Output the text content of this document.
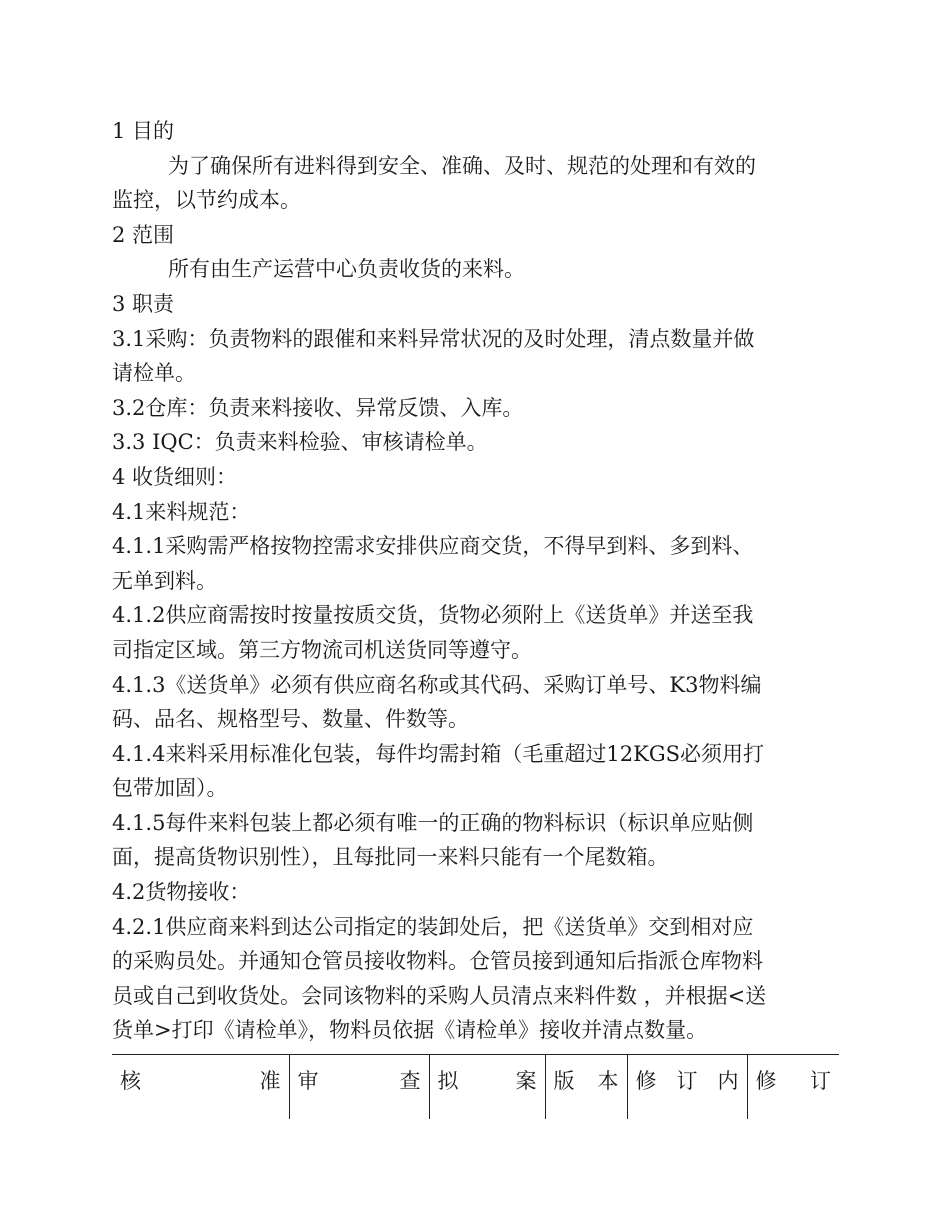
1 目的

为了确保所有进料得到安全、准确、及时、规范的处理和有效的

监控，以节约成本。

2 范围

所有由生产运营中心负责收货的来料。

3 职责

3.1采购：负责物料的跟催和来料异常状况的及时处理，清点数量并做

请检单。

3.2仓库：负责来料接收、异常反馈、入库。

3.3 IQC：负责来料检验、审核请检单。

4 收货细则：

4.1来料规范：

4.1.1采购需严格按物控需求安排供应商交货，不得早到料、多到料、

无单到料。

4.1.2供应商需按时按量按质交货，货物必须附上《送货单》并送至我

司指定区域。第三方物流司机送货同等遵守。

4.1.3《送货单》必须有供应商名称或其代码、采购订单号、K3物料编

码、品名、规格型号、数量、件数等。

4.1.4来料采用标准化包装，每件均需封箱（毛重超过12KGS必须用打

包带加固）。

4.1.5每件来料包装上都必须有唯一的正确的物料标识（标识单应贴侧

面，提高货物识别性），且每批同一来料只能有一个尾数箱。

4.2货物接收：

4.2.1供应商来料到达公司指定的装卸处后，把《送货单》交到相对应

的采购员处。并通知仓管员接收物料。仓管员接到通知后指派仓库物料

员或自己到收货处。会同该物料的采购人员清点来料件数 ，并根据<送

货单>打印《请检单》，物料员依据《请检单》接收并清点数量。

核准	审查	拟案	版本	修订内	修订
